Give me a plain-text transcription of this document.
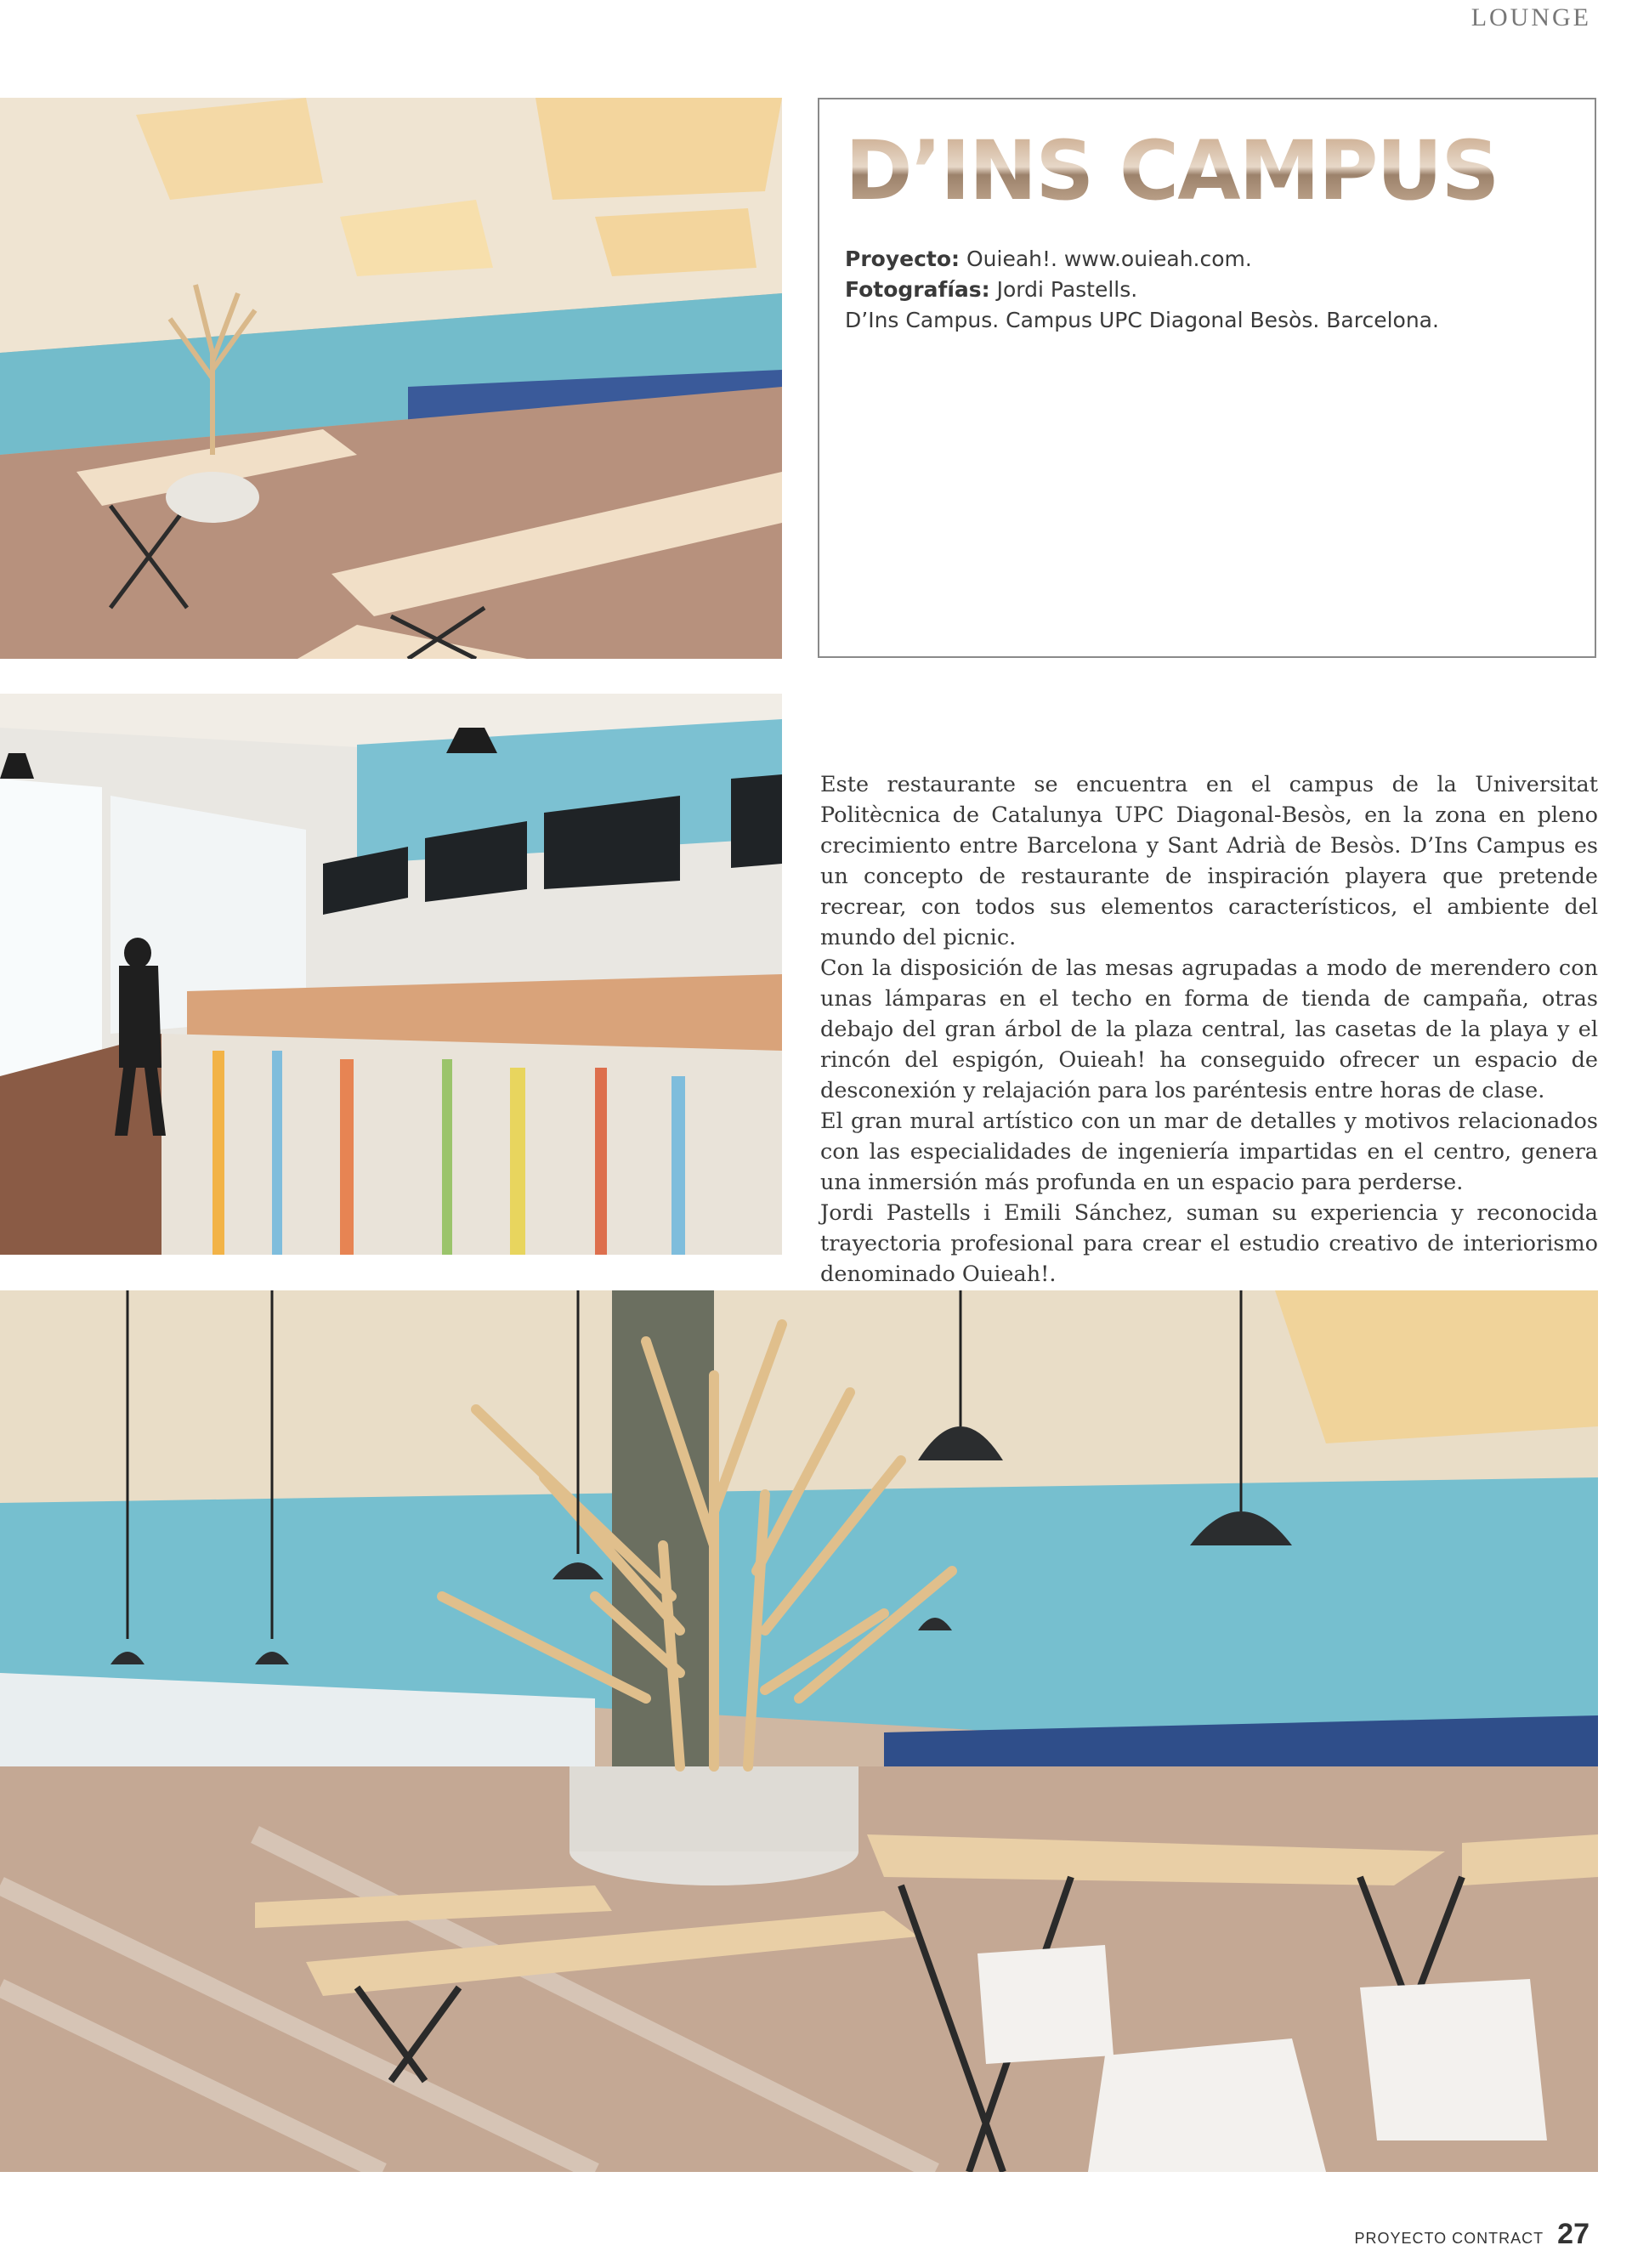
LOUNGE
D’INS CAMPUS
Proyecto: Ouieah!. www.ouieah.com.
Fotografías: Jordi Pastells.
D’Ins Campus. Campus UPC Diagonal Besòs. Barcelona.

Este restaurante se encuentra en el campus de la Universitat Politècnica de Catalunya UPC Diagonal-Besòs, en la zona en pleno crecimiento entre Barcelona y Sant Adrià de Besòs. D’Ins Campus es un concepto de restaurante de inspiración playera que pretende recrear, con todos sus elementos característicos, el ambiente del mundo del picnic.

Con la disposición de las mesas agrupadas a modo de merendero con unas lámparas en el techo en forma de tienda de campaña, otras debajo del gran árbol de la plaza central, las casetas de la playa y el rincón del espigón, Ouieah! ha conseguido ofrecer un espacio de desconexión y relajación para los paréntesis entre horas de clase.

El gran mural artístico con un mar de detalles y motivos relacionados con las especialidades de ingeniería impartidas en el centro, genera una inmersión más profunda en un espacio para perderse.

Jordi Pastells i Emili Sánchez, suman su experiencia y reconocida trayectoria profesional para crear el estudio creativo de interiorismo denominado Ouieah!.

PROYECTO CONTRACT 27
